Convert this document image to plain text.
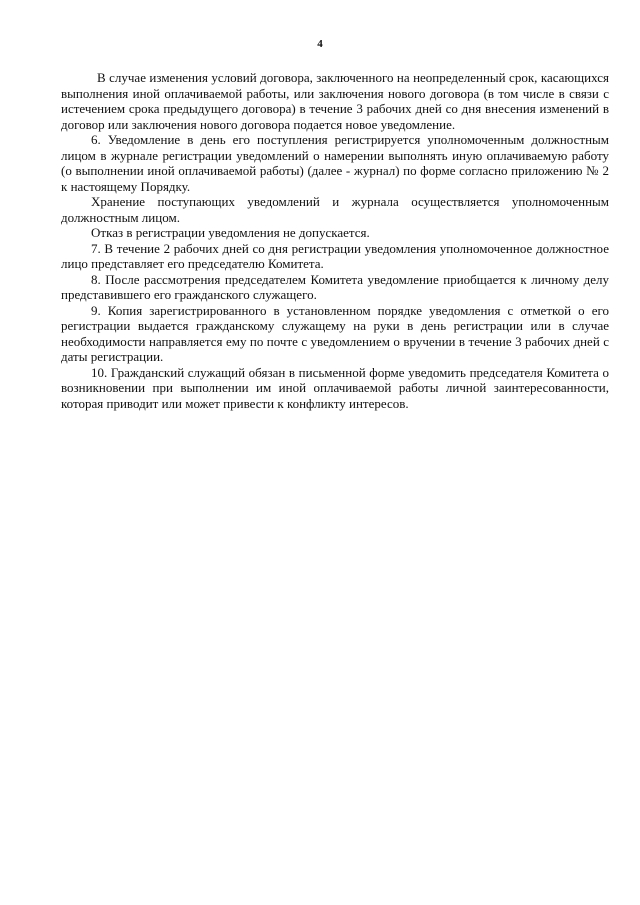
4

В случае изменения условий договора, заключенного на неопределенный срок, касающихся выполнения иной оплачиваемой работы, или заключения нового договора (в том числе в связи с истечением срока предыдущего договора) в течение 3 рабочих дней со дня внесения изменений в договор или заключения нового договора подается новое уведомление.

6. Уведомление в день его поступления регистрируется уполномоченным должностным лицом в журнале регистрации уведомлений о намерении выполнять иную оплачиваемую работу (о выполнении иной оплачиваемой работы) (далее - журнал) по форме согласно приложению № 2 к настоящему Порядку.

Хранение поступающих уведомлений и журнала осуществляется уполномоченным должностным лицом.

Отказ в регистрации уведомления не допускается.

7. В течение 2 рабочих дней со дня регистрации уведомления уполномоченное должностное лицо представляет его председателю Комитета.

8. После рассмотрения председателем Комитета уведомление приобщается к личному делу представившего его гражданского служащего.

9. Копия зарегистрированного в установленном порядке уведомления с отметкой о его регистрации выдается гражданскому служащему на руки в день регистрации или в случае необходимости направляется ему по почте с уведомлением о вручении в течение 3 рабочих дней с даты регистрации.

10. Гражданский служащий обязан в письменной форме уведомить председателя Комитета о возникновении при выполнении им иной оплачиваемой работы личной заинтересованности, которая приводит или может привести к конфликту интересов.
